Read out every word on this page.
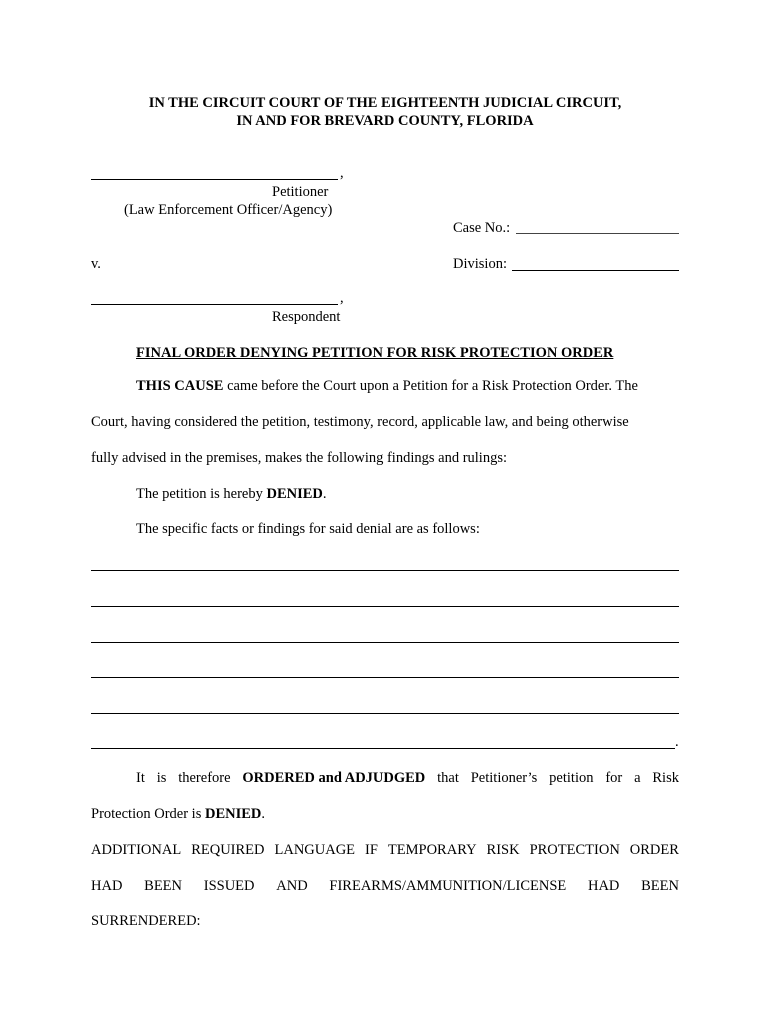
IN THE CIRCUIT COURT OF THE EIGHTEENTH JUDICIAL CIRCUIT,
IN AND FOR BREVARD COUNTY, FLORIDA
,
Petitioner
(Law Enforcement Officer/Agency)
Case No.:
v.	Division:
,
Respondent
FINAL ORDER DENYING PETITION FOR RISK PROTECTION ORDER
THIS CAUSE came before the Court upon a Petition for a Risk Protection Order. The
Court, having considered the petition, testimony, record, applicable law, and being otherwise
fully advised in the premises, makes the following findings and rulings:
The petition is hereby DENIED.
The specific facts or findings for said denial are as follows:
.
It is therefore ORDERED and ADJUDGED that Petitioner’s petition for a Risk
Protection Order is DENIED.
ADDITIONAL REQUIRED LANGUAGE IF TEMPORARY RISK PROTECTION ORDER
HAD BEEN ISSUED AND FIREARMS/AMMUNITION/LICENSE HAD BEEN
SURRENDERED:
